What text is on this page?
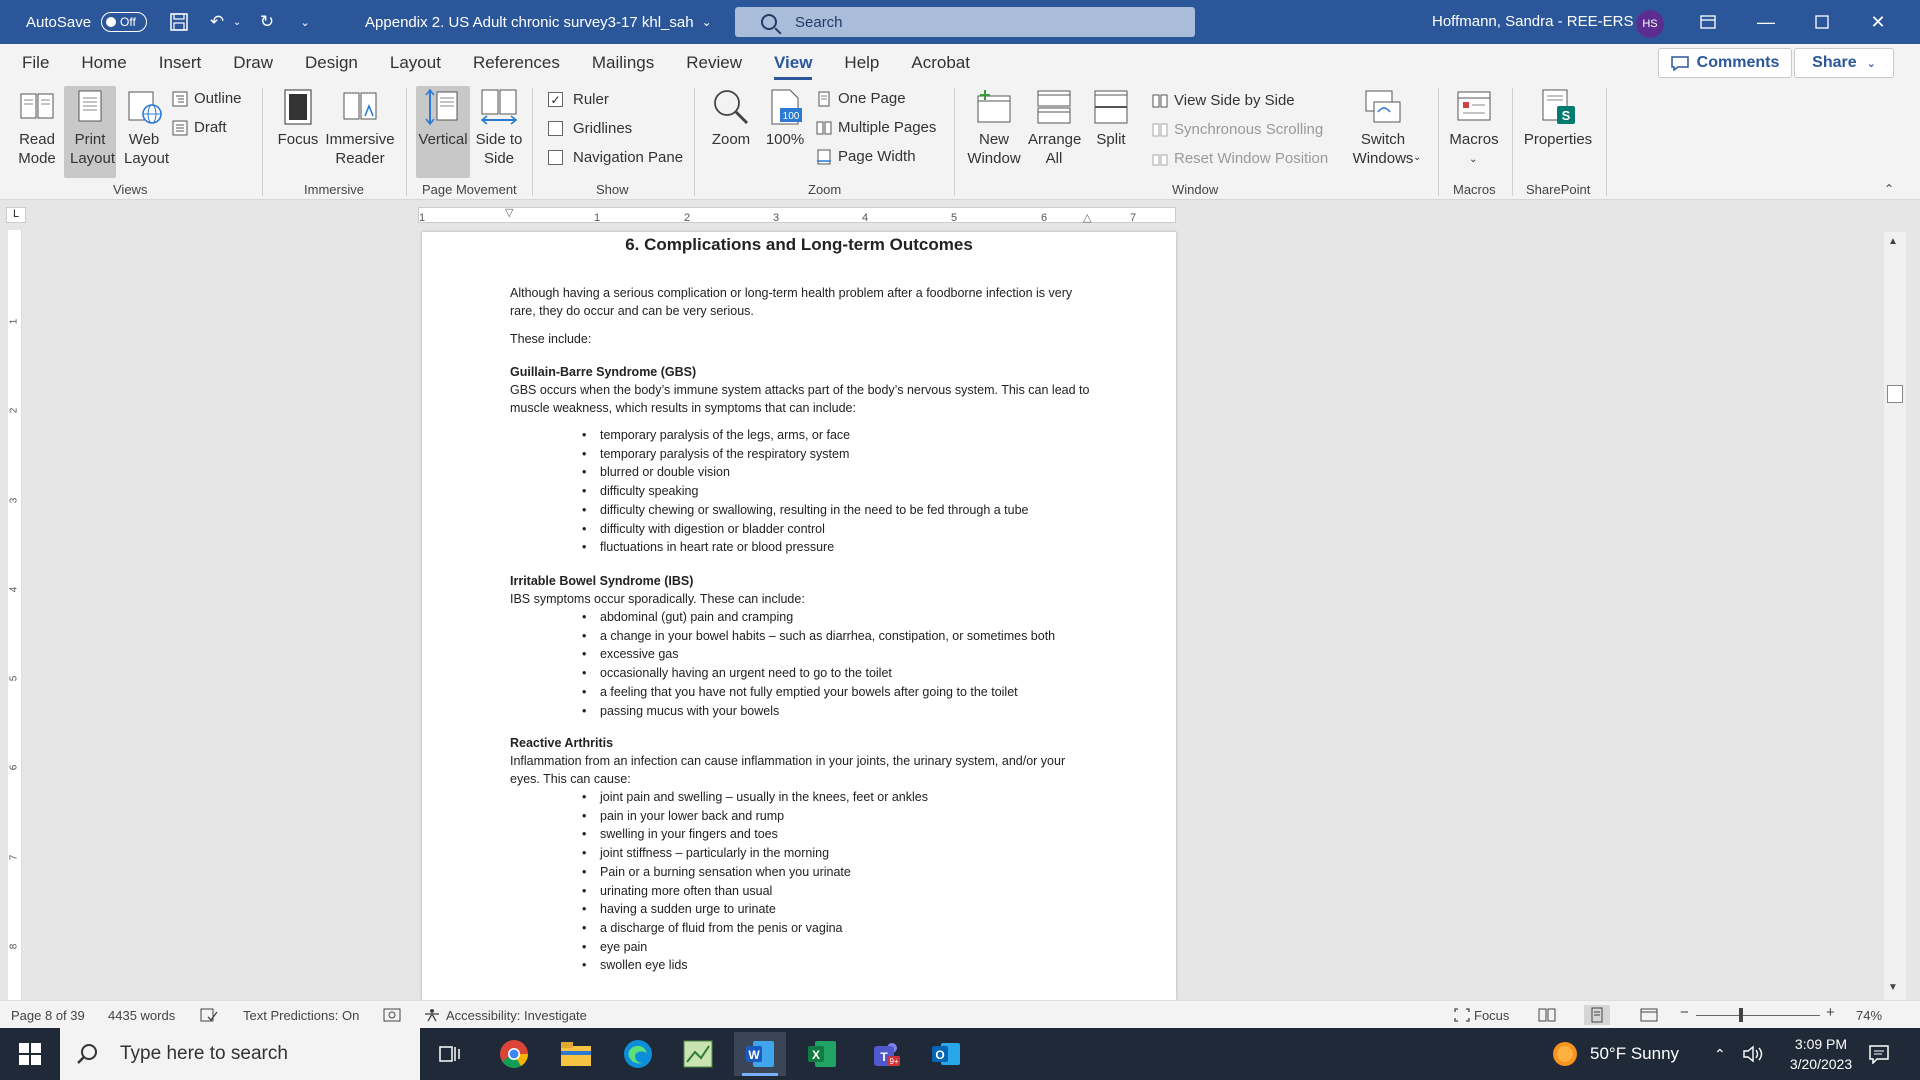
AutoSave Off	↶ ⌄	↻	⌄	Appendix 2. US Adult chronic survey3-17 khl_sah ⌄	Search	Hoffmann, Sandra - REE-ERS HS	—	✕
File	Home	Insert	Draw	Design	Layout	References	Mailings	Review	View	Help	Acrobat	Comments Share ⌄
Read Mode
Print Layout
Web Layout
Outline
Draft
Views
Focus Immersive Reader
Immersive
Vertical Side to Side
Page Movement
✓ Ruler
Gridlines
Navigation Pane
Show
Zoom
100
100%
One Page
Multiple Pages
Page Width
Zoom
New Window
Arrange All
Split
View Side by Side
Synchronous Scrolling
Reset Window Position
Switch Windows ⌄
Window
Macros
⌄
Macros
S
Properties
SharePoint	⌃
L	1	1	2	3	4	5	6	7
▽	△
1
2
3
4
5
6
7
8
6. Complications and Long-term Outcomes
Although having a serious complication or long-term health problem after a foodborne infection is very
rare, they do occur and can be very serious.
These include:
Guillain-Barre Syndrome (GBS)
GBS occurs when the body’s immune system attacks part of the body’s nervous system. This can lead to
muscle weakness, which results in symptoms that can include:
• temporary paralysis of the legs, arms, or face
• temporary paralysis of the respiratory system
• blurred or double vision
• difficulty speaking
• difficulty chewing or swallowing, resulting in the need to be fed through a tube
• difficulty with digestion or bladder control
• fluctuations in heart rate or blood pressure
Irritable Bowel Syndrome (IBS)
IBS symptoms occur sporadically. These can include:
• abdominal (gut) pain and cramping
• a change in your bowel habits – such as diarrhea, constipation, or sometimes both
• excessive gas
• occasionally having an urgent need to go to the toilet
• a feeling that you have not fully emptied your bowels after going to the toilet
• passing mucus with your bowels
Reactive Arthritis
Inflammation from an infection can cause inflammation in your joints, the urinary system, and/or your
eyes. This can cause:
• joint pain and swelling – usually in the knees, feet or ankles
• pain in your lower back and rump
• swelling in your fingers and toes
• joint stiffness – particularly in the morning
• Pain or a burning sensation when you urinate
• urinating more often than usual
• having a sudden urge to urinate
• a discharge of fluid from the penis or vagina
• eye pain
• swollen eye lids
▲
▼
Page 8 of 39 4435 words	Text Predictions: On	Accessibility: Investigate	Focus	−	+ 74%
Type here to search	W	X	T 9+	O	50°F Sunny ⌃
3:09 PM
3/20/2023
